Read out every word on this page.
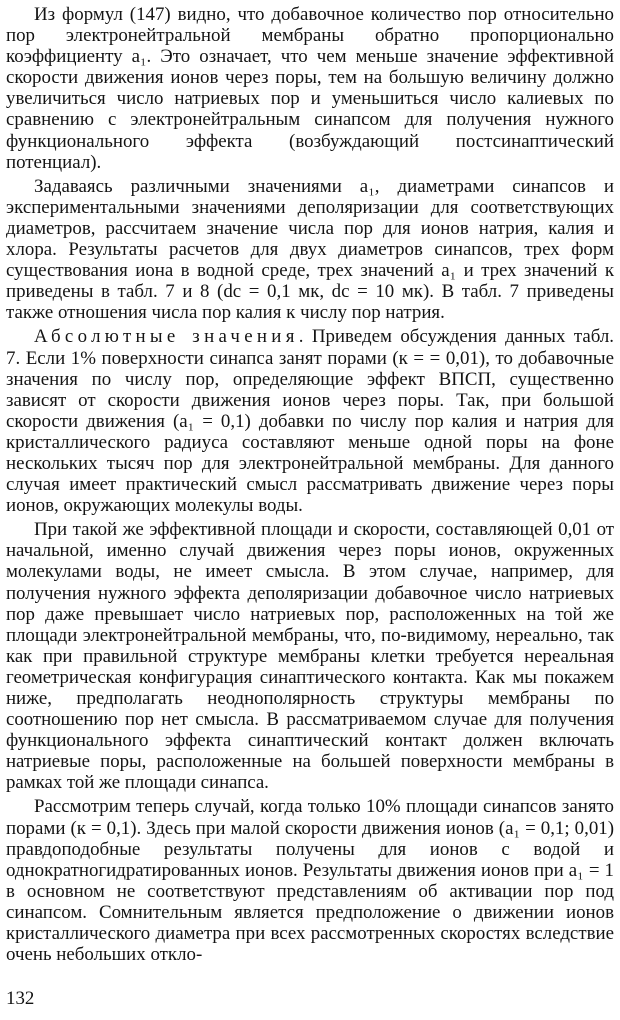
Из формул (147) видно, что добавочное количество пор относительно пор электронейтральной мембраны обратно пропорционально коэффициенту a₁. Это означает, что чем меньше значение эффективной скорости движения ионов через поры, тем на большую величину должно увеличиться число натриевых пор и уменьшиться число калиевых по сравнению с электронейтральным синапсом для получения нужного функционального эффекта (возбуждающий постсинаптический потенциал).

Задаваясь различными значениями a₁, диаметрами синапсов и экспериментальными значениями деполяризации для соответствующих диаметров, рассчитаем значение числа пор для ионов натрия, калия и хлора. Результаты расчетов для двух диаметров синапсов, трех форм существования иона в водной среде, трех значений a₁ и трех значений к приведены в табл. 7 и 8 (dc = 0,1 мк, dc = 10 мк). В табл. 7 приведены также отношения числа пор калия к числу пор натрия.

Абсолютные значения. Приведем обсуждения данных табл. 7. Если 1% поверхности синапса занят порами (к = = 0,01), то добавочные значения по числу пор, определяющие эффект ВПСП, существенно зависят от скорости движения ионов через поры. Так, при большой скорости движения (a₁ = 0,1) добавки по числу пор калия и натрия для кристаллического радиуса составляют меньше одной поры на фоне нескольких тысяч пор для электронейтральной мембраны. Для данного случая имеет практический смысл рассматривать движение через поры ионов, окружающих молекулы воды.

При такой же эффективной площади и скорости, составляющей 0,01 от начальной, именно случай движения через поры ионов, окруженных молекулами воды, не имеет смысла. В этом случае, например, для получения нужного эффекта деполяризации добавочное число натриевых пор даже превышает число натриевых пор, расположенных на той же площади электронейтральной мембраны, что, по-видимому, нереально, так как при правильной структуре мембраны клетки требуется нереальная геометрическая конфигурация синаптического контакта. Как мы покажем ниже, предполагать неоднополярность структуры мембраны по соотношению пор нет смысла. В рассматриваемом случае для получения функционального эффекта синаптический контакт должен включать натриевые поры, расположенные на большей поверхности мембраны в рамках той же площади синапса.

Рассмотрим теперь случай, когда только 10% площади синапсов занято порами (к = 0,1). Здесь при малой скорости движения ионов (a₁ = 0,1; 0,01) правдоподобные результаты получены для ионов с водой и однократногидратированных ионов. Результаты движения ионов при a₁ = 1 в основном не соответствуют представлениям об активации пор под синапсом. Сомнительным является предположение о движении ионов кристаллического диаметра при всех рассмотренных скоростях вследствие очень небольших откло-

132
